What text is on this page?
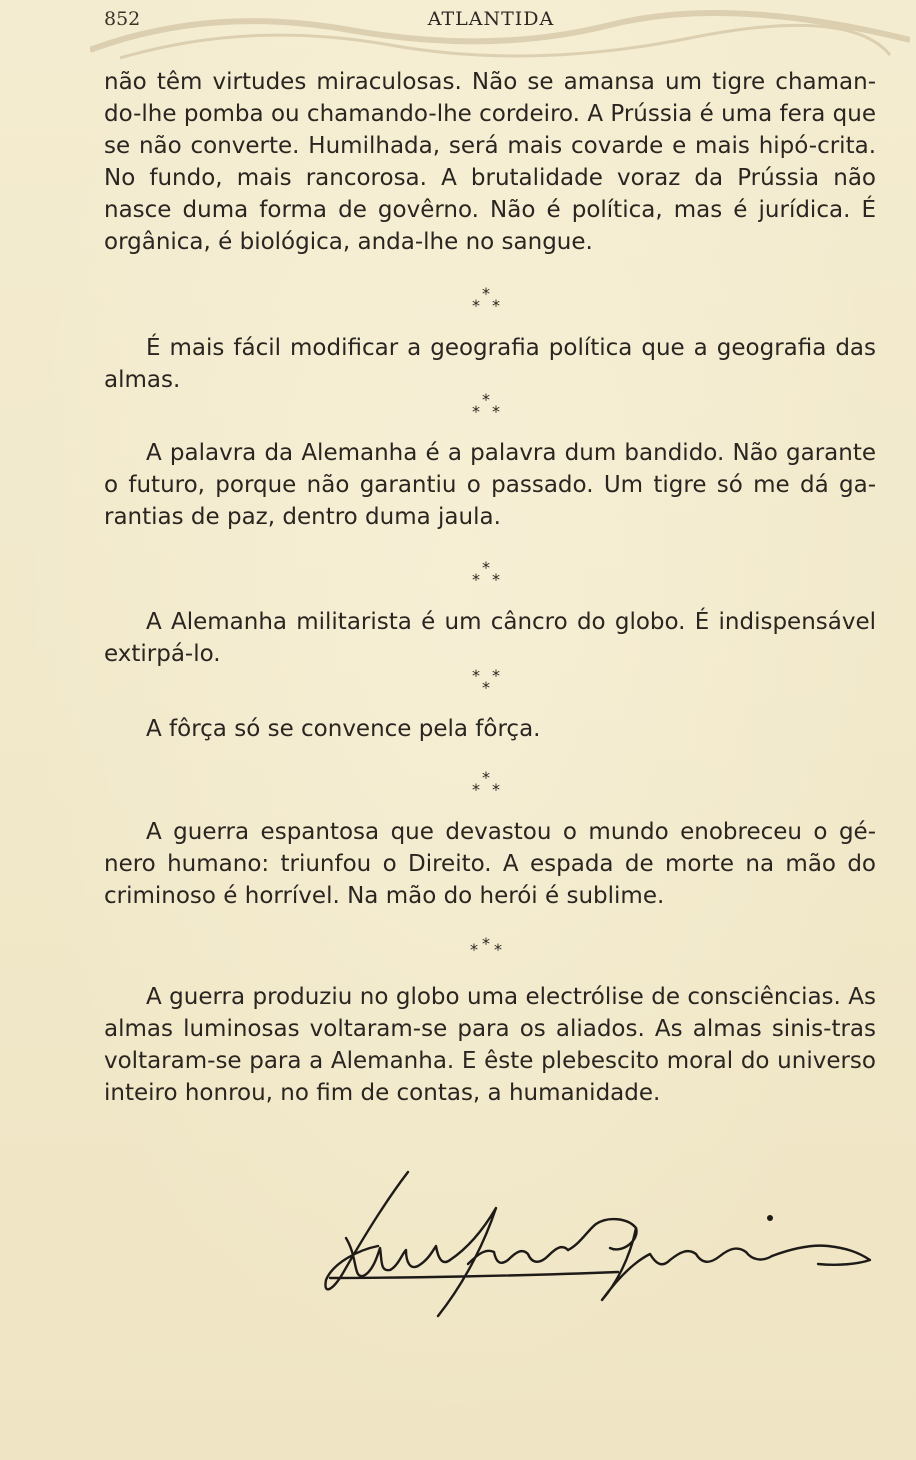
852	ATLANTIDA

não têm virtudes miraculosas. Não se amansa um tigre chaman-do-lhe pomba ou chamando-lhe cordeiro. A Prússia é uma fera que se não converte. Humilhada, será mais covarde e mais hipó-crita. No fundo, mais rancorosa. A brutalidade voraz da Prússia não nasce duma forma de govêrno. Não é política, mas é jurídica. É orgânica, é biológica, anda-lhe no sangue.

*
* *

É mais fácil modificar a geografia política que a geografia das almas.

*
* *

A palavra da Alemanha é a palavra dum bandido. Não garante o futuro, porque não garantiu o passado. Um tigre só me dá ga-rantias de paz, dentro duma jaula.

*
* *

A Alemanha militarista é um câncro do globo. É indispensável extirpá-lo.

* *
*

A fôrça só se convence pela fôrça.

*
* *

A guerra espantosa que devastou o mundo enobreceu o gé-nero humano: triunfou o Direito. A espada de morte na mão do criminoso é horrível. Na mão do herói é sublime.

* * *

A guerra produziu no globo uma electrólise de consciências. As almas luminosas voltaram-se para os aliados. As almas sinis-tras voltaram-se para a Alemanha. E êste plebescito moral do universo inteiro honrou, no fim de contas, a humanidade.
